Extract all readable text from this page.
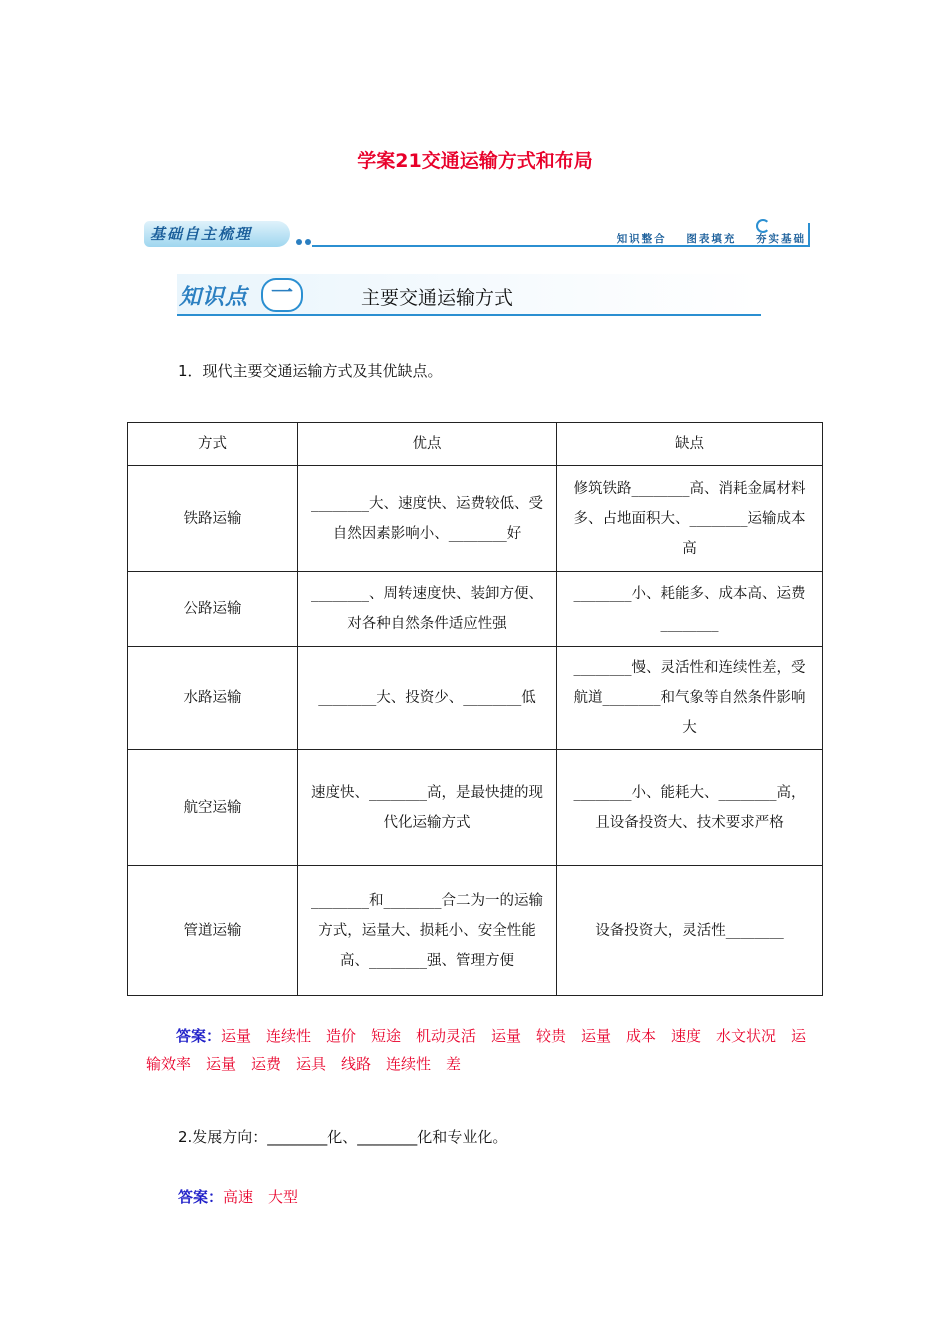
学案21交通运输方式和布局
基础自主梳理	知识整合 图表填充 夯实基础
知识点	一	主要交通运输方式
1．现代主要交通运输方式及其优缺点。
方式	优点	缺点
铁路运输	________大、速度快、运费较低、受自然因素影响小、________好	修筑铁路________高、消耗金属材料多、占地面积大、________运输成本高
公路运输	________、周转速度快、装卸方便、对各种自然条件适应性强	________小、耗能多、成本高、运费________
水路运输	________大、投资少、________低	________慢、灵活性和连续性差，受航道________和气象等自然条件影响大
航空运输	速度快、________高，是最快捷的现代化运输方式	________小、能耗大、________高，且设备投资大、技术要求严格
管道运输	________和________合二为一的运输方式，运量大、损耗小、安全性能高、________强、管理方便	设备投资大，灵活性________
答案：运量　连续性　造价　短途　机动灵活　运量　较贵　运量　成本　速度　水文状况　运输效率　运量　运费　运具　线路　连续性　差
2.发展方向：________化、________化和专业化。
答案：高速　大型
